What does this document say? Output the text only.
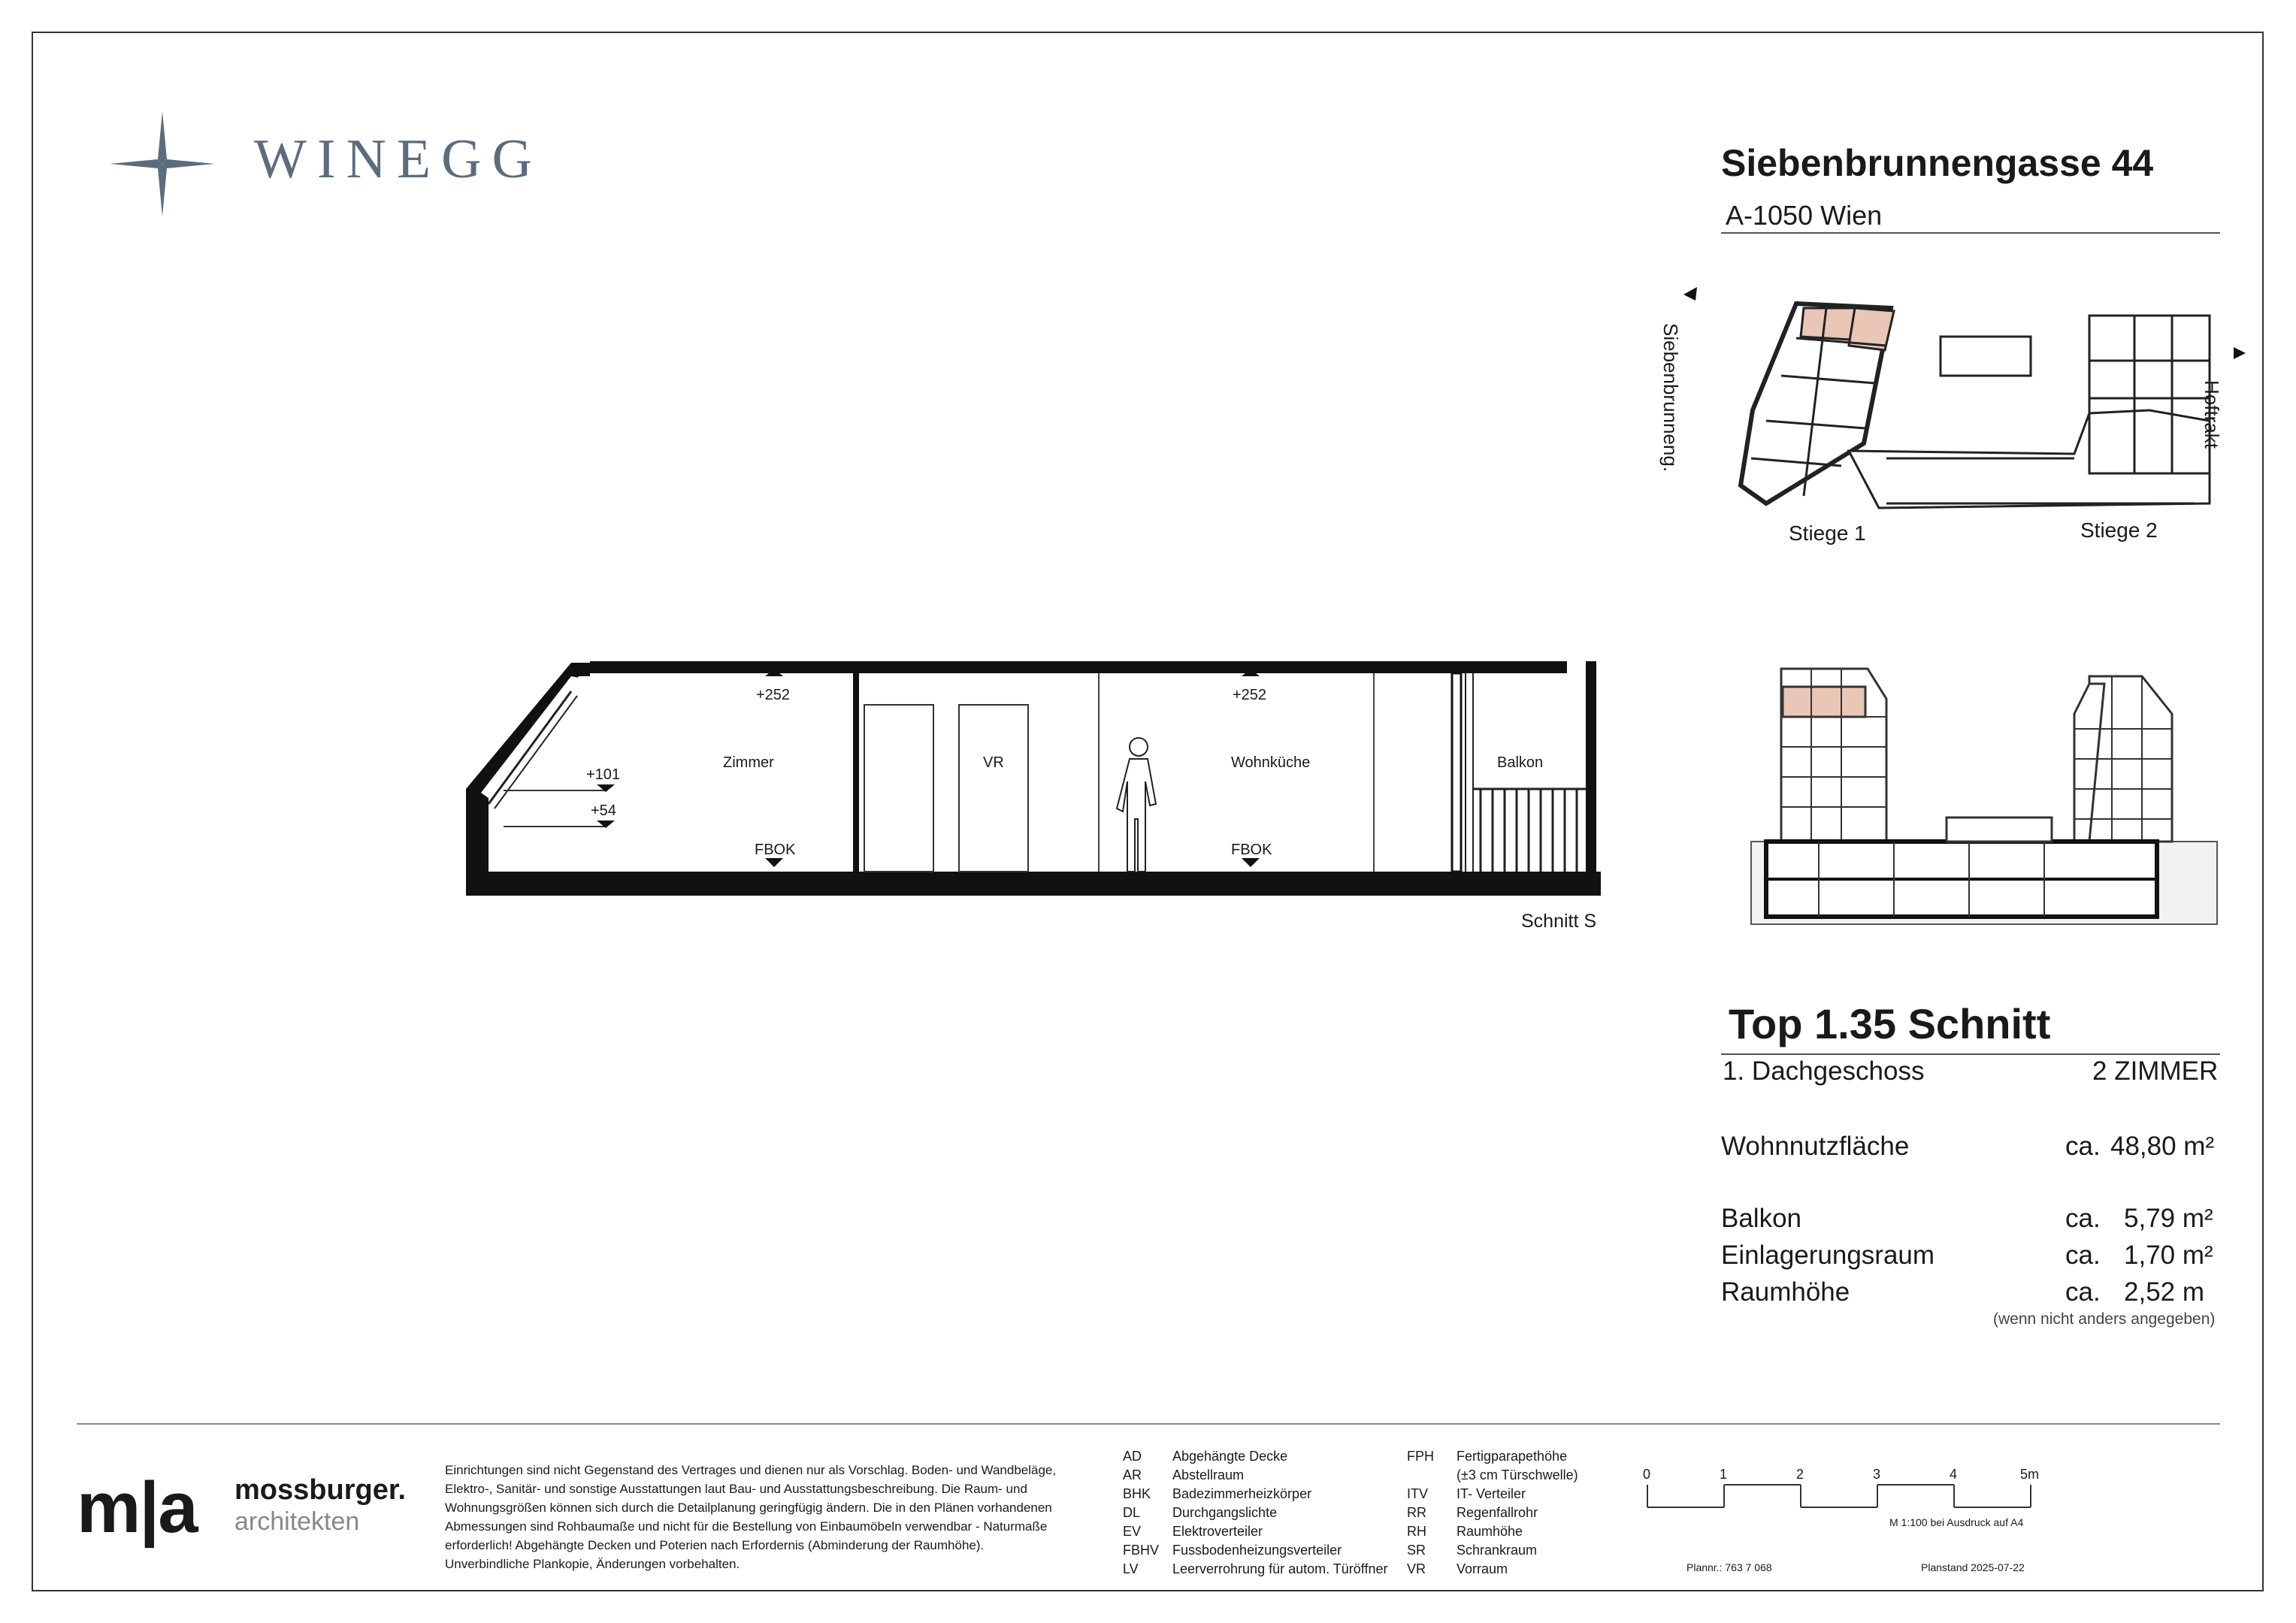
WINEGG	Siebenbrunnengasse 44
A-1050 Wien
Siebenbrunneng.	Hoftrakt
Stiege 1	Stiege 2
+252	+252
+101
+54
FBOK	FBOK
Zimmer	VR	Wohnküche	Balkon
Schnitt S
Top 1.35 Schnitt
1. Dachgeschoss	2 ZIMMER
Wohnnutzfläche	ca. 48,80 m²
Balkon	ca. 5,79 m²
Einlagerungsraum	ca. 1,70 m²
Raumhöhe	ca. 2,52 m
(wenn nicht anders angegeben)
m|a mossburger.
architekten
Einrichtungen sind nicht Gegenstand des Vertrages und dienen nur als Vorschlag. Boden- und Wandbeläge, Elektro-, Sanitär- und sonstige Ausstattungen laut Bau- und Ausstattungsbeschreibung. Die Raum- und Wohnungsgrößen können sich durch die Detailplanung geringfügig ändern. Die in den Plänen vorhandenen Abmessungen sind Rohbaumaße und nicht für die Bestellung von Einbaumöbeln verwendbar - Naturmaße erforderlich! Abgehängte Decken und Poterien nach Erfordernis (Abminderung der Raumhöhe). Unverbindliche Plankopie, Änderungen vorbehalten.
AD Abgehängte Decke
AR Abstellraum
BHK Badezimmerheizkörper
DL Durchgangslichte
EV Elektroverteiler
FBHV Fussbodenheizungsverteiler
LV	Leerverrohrung für autom. Türöffner
FPH Fertigparapethöhe
(±3 cm Türschwelle)
ITV IT- Verteiler
RR Regenfallrohr
RH Raumhöhe
SR Schrankraum
VR Vorraum
0	1	2	3	4	5m
M 1:100 bei Ausdruck auf A4
Plannr.: 763 7 068	Planstand 2025-07-22
